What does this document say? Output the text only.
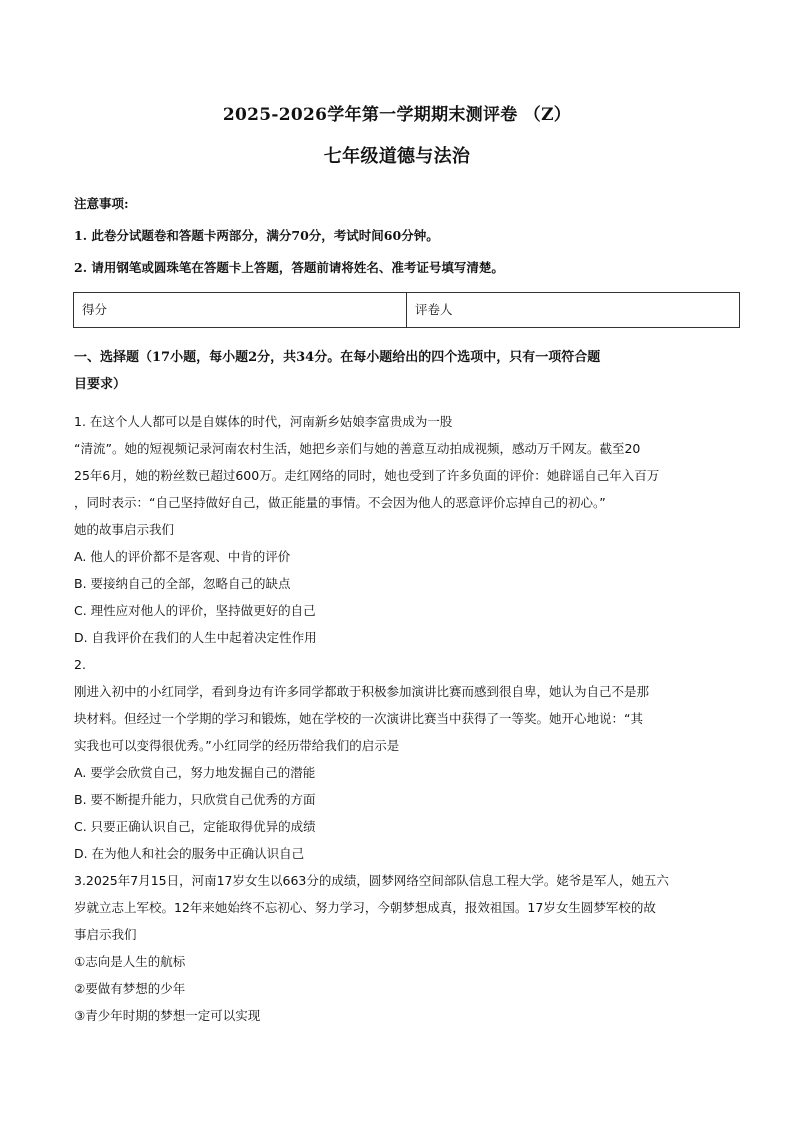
2025-2026学年第一学期期末测评卷 （Z）
七年级道德与法治
注意事项:
1. 此卷分试题卷和答题卡两部分，满分70分，考试时间60分钟。
2. 请用钢笔或圆珠笔在答题卡上答题，答题前请将姓名、准考证号填写清楚。
得分	评卷人
一、选择题（17小题，每小题2分，共34分。在每小题给出的四个选项中，只有一项符合题
目要求）
1. 在这个人人都可以是自媒体的时代，河南新乡姑娘李富贵成为一股
“清流”。她的短视频记录河南农村生活，她把乡亲们与她的善意互动拍成视频，感动万千网友。截至20
25年6月，她的粉丝数已超过600万。走红网络的同时，她也受到了许多负面的评价：她辟谣自己年入百万
，同时表示：“自己坚持做好自己，做正能量的事情。不会因为他人的恶意评价忘掉自己的初心。”
她的故事启示我们
A. 他人的评价都不是客观、中肯的评价
B. 要接纳自己的全部，忽略自己的缺点
C. 理性应对他人的评价，坚持做更好的自己
D. 自我评价在我们的人生中起着决定性作用
2.
刚进入初中的小红同学，看到身边有许多同学都敢于积极参加演讲比赛而感到很自卑，她认为自己不是那
块材料。但经过一个学期的学习和锻炼，她在学校的一次演讲比赛当中获得了一等奖。她开心地说：“其
实我也可以变得很优秀。”小红同学的经历带给我们的启示是
A. 要学会欣赏自己，努力地发掘自己的潜能
B. 要不断提升能力，只欣赏自己优秀的方面
C. 只要正确认识自己，定能取得优异的成绩
D. 在为他人和社会的服务中正确认识自己
3.2025年7月15日，河南17岁女生以663分的成绩，圆梦网络空间部队信息工程大学。姥爷是军人，她五六
岁就立志上军校。12年来她始终不忘初心、努力学习，今朝梦想成真，报效祖国。17岁女生圆梦军校的故
事启示我们
①志向是人生的航标
②要做有梦想的少年
③青少年时期的梦想一定可以实现
